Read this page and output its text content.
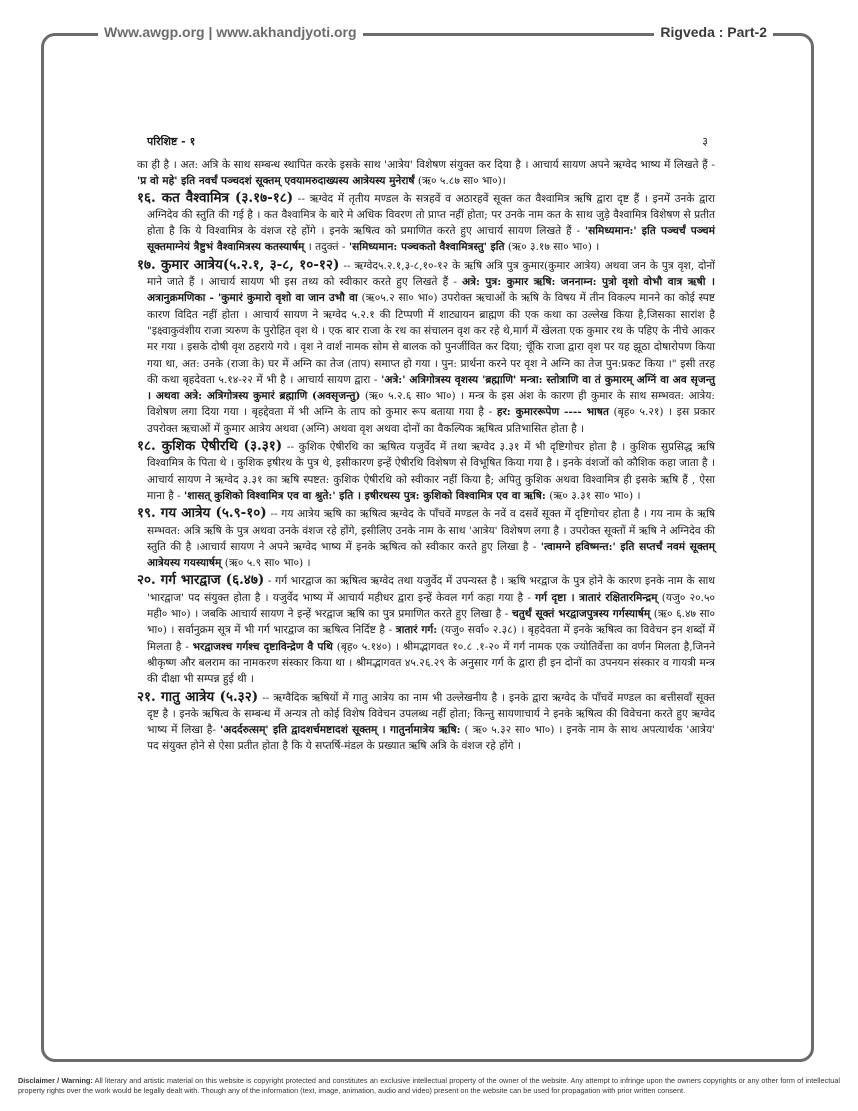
Www.awgp.org | www.akhandjyoti.org	Rigveda : Part-2
परिशिष्ट - १	३

का ही है । अत: अत्रि के साथ सम्बन्ध स्थापित करके इसके साथ 'आत्रेय' विशेषण संयुक्त कर दिया है । आचार्य सायण अपने ऋग्वेद भाष्य में लिखते हैं - 'प्र वो महे' इति नवर्चं पञ्चदशं सूक्तम् एवयामरुदाख्यस्य आत्रेयस्य मुनेरार्षं (ऋ० ५.८७ सा० भा०)।

१६. कत वैश्वामित्र (३.१७-१८) -- ऋग्वेद में तृतीय मण्डल के सत्रहवें व अठारहवें सूक्त कत वैश्वामित्र ऋषि द्वारा दृष्ट हैं । इनमें उनके द्वारा अग्निदेव की स्तुति की गई है । कत वैश्वामित्र के बारे मे अधिक विवरण तो प्राप्त नहीं होता; पर उनके नाम कत के साथ जुड़े वैश्वामित्र विशेषण से प्रतीत होता है कि ये विश्वामित्र के वंशज रहे होंगे । इनके ऋषित्व को प्रमाणित करते हुए आचार्य सायण लिखते हैं - 'समिध्यमान:' इति पञ्चर्चं पञ्चमं सूक्तमाग्नेयं त्रैष्टुभं वैश्वामित्रस्य कतस्यार्षम् । तदुक्तं - 'समिध्यमान: पञ्चकतो वैश्वामित्रस्तु' इति (ऋ० ३.१७ सा० भा०) ।

१७. कुमार आत्रेय(५.२.१, ३-८, १०-१२) -- ऋग्वेद५.२.१,३-८,१०-१२ के ऋषि अत्रि पुत्र कुमार(कुमार आत्रेय) अथवा जन के पुत्र वृश, दोनों माने जाते हैं । आचार्य सायण भी इस तथ्य को स्वीकार करते हुए लिखते हैं - अत्रे: पुत्र: कुमार ऋषि: जननाम्न: पुत्रो वृशो वोभौ वात्र ऋषी । अत्रानुक्रमणिका - 'कुमारं कुमारो वृशो वा जान उभौ वा (ऋ०५.२ सा० भा०) उपरोक्त ऋचाओं के ऋषि के विषय में तीन विकल्प मानने का कोई स्पष्ट कारण विदित नहीं होता । आचार्य सायण ने ऋग्वेद ५.२.१ की टिप्पणी में शाट्यायन ब्राह्मण की एक कथा का उल्लेख किया है,जिसका सारांश है "इक्ष्वाकुवंशीय राजा त्र्यरुण के पुरोहित वृश थे । एक बार राजा के रथ का संचालन वृश कर रहे थे,मार्ग में खेलता एक कुमार रथ के पहिए के नीचे आकर मर गया । इसके दोषी वृश ठहराये गये । वृश ने वार्श नामक सोम से बालक को पुनर्जीवित कर दिया; चूँकि राजा द्वारा वृश पर यह झूठा दोषारोपण किया गया था, अत: उनके (राजा के) घर में अग्नि का तेज (ताप) समाप्त हो गया । पुन: प्रार्थना करने पर वृश ने अग्नि का तेज पुन:प्रकट किया ।" इसी तरह की कथा बृहदेवता ५.१४-२२ में भी है । आचार्य सायण द्वारा - 'अत्रे:' अत्रिगोत्रस्य वृशस्य 'ब्रह्माणि' मन्त्रा: स्तोत्राणि वा तं कुमारम् अग्निं वा अव सृजन्तु । अथवा अत्रे: अत्रिगोत्रस्य कुमारं ब्रह्माणि (अवसृजन्तु) (ऋ० ५.२.६ सा० भा०) । मन्त्र के इस अंश के कारण ही कुमार के साथ सम्भवत: आत्रेय: विशेषण लगा दिया गया । बृहद्देवता में भी अग्नि के ताप को कुमार रूप बताया गया है - हर: कुमाररूपेण ---- भाषत (बृह० ५.२१) । इस प्रकार उपरोक्त ऋचाओं में कुमार आत्रेय अथवा (अग्नि) अथवा वृश अथवा दोनों का वैकल्पिक ऋषित्व प्रतिभासित होता है ।

१८. कुशिक ऐषीरथि (३.३१) -- कुशिक ऐषीरथि का ऋषित्व यजुर्वेद में तथा ऋग्वेद ३.३१ में भी दृष्टिगोचर होता है । कुशिक सुप्रसिद्ध ऋषि विश्वामित्र के पिता थे । कुशिक इषीरथ के पुत्र थे, इसीकारण इन्हें ऐषीरथि विशेषण से विभूषित किया गया है । इनके वंशजों को कौशिक कहा जाता है । आचार्य सायण ने ऋग्वेद ३.३१ का ऋषि स्पष्टत: कुशिक ऐषीरथि को स्वीकार नहीं किया है; अपितु कुशिक अथवा विश्वामित्र ही इसके ऋषि हैं , ऐसा माना है - 'शासत् कुशिको विश्वामित्र एव वा श्रुते:' इति । इषीरथस्य पुत्र: कुशिको विश्वामित्र एव वा ऋषि: (ऋ० ३.३१ सा० भा०) ।

१९. गय आत्रेय (५.९-१०) -- गय आत्रेय ऋषि का ऋषित्व ऋग्वेद के पाँचवें मण्डल के नवें व दसवें सूक्त में दृष्टिगोचर होता है । गय नाम के ऋषि सम्भवत: अत्रि ऋषि के पुत्र अथवा उनके वंशज रहे होंगे, इसीलिए उनके नाम के साथ 'आत्रेय' विशेषण लगा है । उपरोक्त सूक्तों में ऋषि ने अग्निदेव की स्तुति की है ।आचार्य सायण ने अपने ऋग्वेद भाष्य में इनके ऋषित्व को स्वीकार करते हुए लिखा है - 'त्वामग्ने हविष्मन्त:' इति सप्तर्चं नवमं सूक्तम् आत्रेयस्य गयस्यार्षम् (ऋ० ५.९ सा० भा०) ।

२०. गर्ग भारद्वाज (६.४७) - गर्ग भारद्वाज का ऋषित्व ऋग्वेद तथा यजुर्वेद में उपन्यस्त है । ऋषि भरद्वाज के पुत्र होने के कारण इनके नाम के साथ 'भारद्वाज' पद संयुक्त होता है । यजुर्वेद भाष्य में आचार्य महीधर द्वारा इन्हें केवल गर्ग कहा गया है - गर्ग दृष्टा । त्रातारं रक्षितारमिन्द्रम् (यजु० २०.५० मही० भा०) । जबकि आचार्य सायण ने इन्हें भरद्वाज ऋषि का पुत्र प्रमाणित करते हुए लिखा है - चतुर्थं सूक्तं भरद्वाजपुत्रस्य गर्गस्यार्षम् (ऋ० ६.४७ सा० भा०) । सर्वानुक्रम सूत्र में भी गर्ग भारद्वाज का ऋषित्व निर्दिष्ट है - त्रातारं गर्ग: (यजु० सर्वा० २.३८) । बृहदेवता में इनके ऋषित्व का विवेचन इन शब्दों में मिलता है - भरद्वाजश्च गर्गश्च दृष्टाविन्द्रेण वै पथि (बृह० ५.१४०) । श्रीमद्भागवत १०.८ .१-२० में गर्ग नामक एक ज्योतिर्वेत्ता का वर्णन मिलता है,जिनने श्रीकृष्ण और बलराम का नामकरण संस्कार किया था । श्रीमद्भागवत ४५.२६.२९ के अनुसार गर्ग के द्वारा ही इन दोनों का उपनयन संस्कार व गायत्री मन्त्र की दीक्षा भी सम्पन्न हुई थी ।

२१. गातु आत्रेय (५.३२) -- ऋग्वैदिक ऋषियों में गातु आत्रेय का नाम भी उल्लेखनीय है । इनके द्वारा ऋग्वेद के पाँचवें मण्डल का बत्तीसवाँ सूक्त दृष्ट है । इनके ऋषित्व के सम्बन्ध में अन्यत्र तो कोई विशेष विवेचन उपलब्ध नहीं होता; किन्तु सायणाचार्य ने इनके ऋषित्व की विवेचना करते हुए ऋग्वेद भाष्य में लिखा है- 'अदर्दरुत्सम्' इति द्वादशर्चमष्टादशं सूक्तम् । गातुर्नामात्रेय ऋषि: ( ऋ० ५.३२ सा० भा०) । इनके नाम के साथ अपत्यार्थक 'आत्रेय' पद संयुक्त होने से ऐसा प्रतीत होता है कि ये सप्तर्षि-मंडल के प्रख्यात ऋषि अत्रि के वंशज रहे होंगे ।

Disclaimer / Warning: All literary and artistic material on this website is copyright protected and constitutes an exclusive intellectual property of the owner of the website. Any attempt to infringe upon the owners copyrights or any other form of intellectual property rights over the work would be legally dealt with. Though any of the information (text, image, animation, audio and video) present on the website can be used for propagation with prior written consent.
